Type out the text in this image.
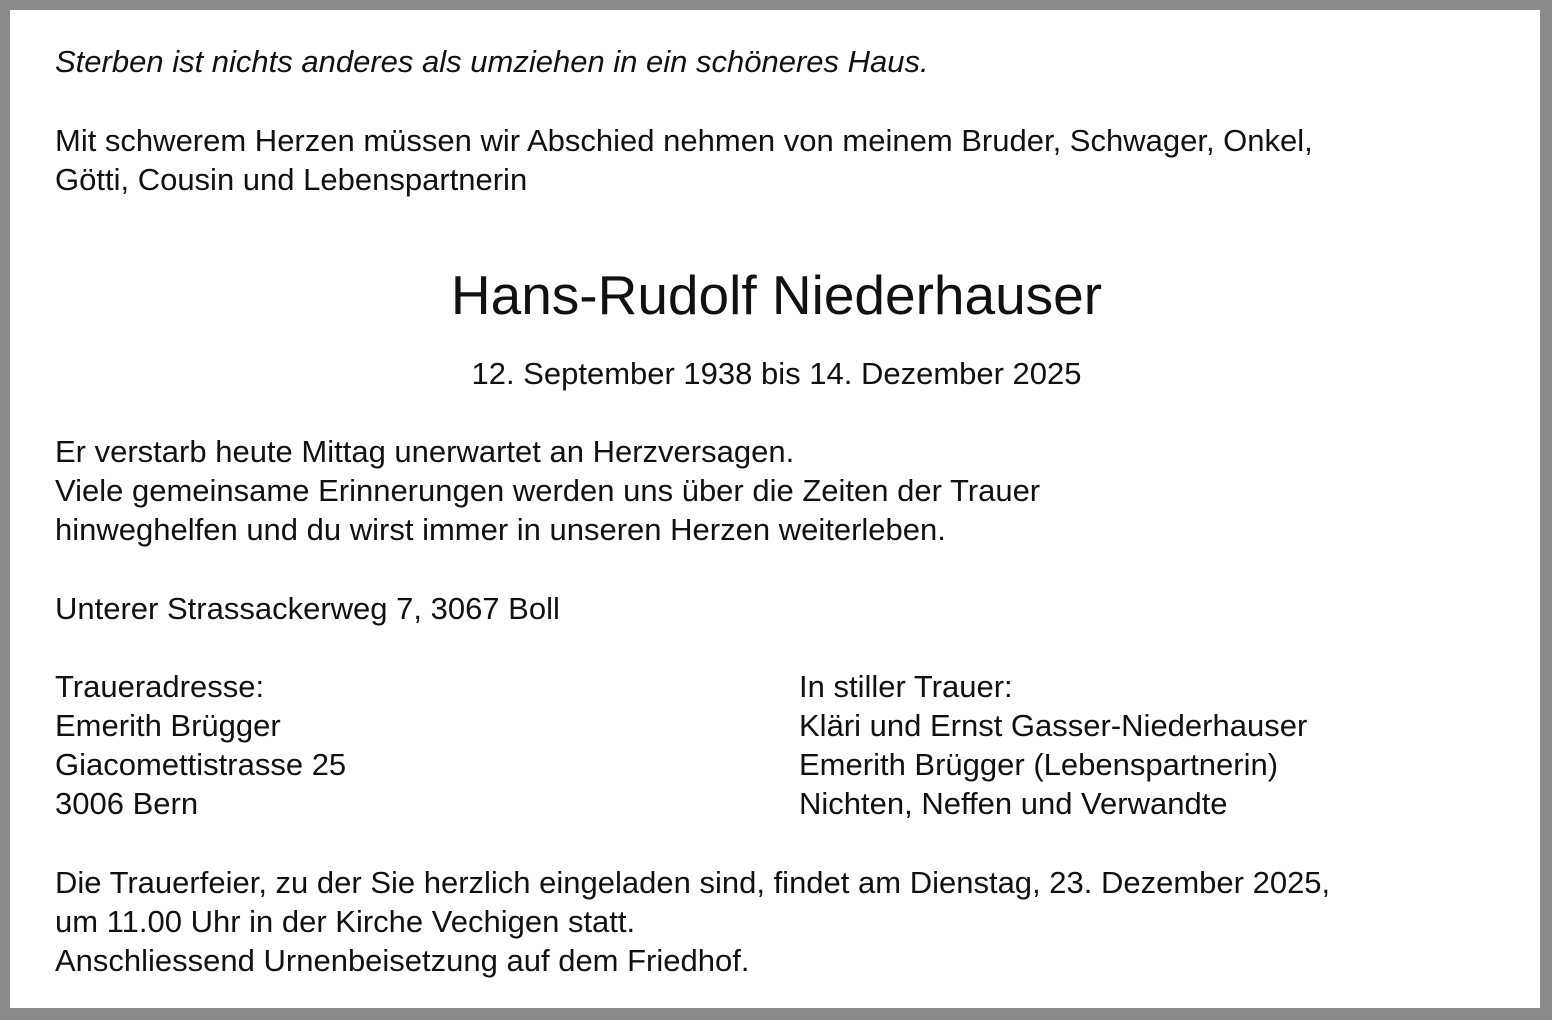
Sterben ist nichts anderes als umziehen in ein schöneres Haus.
Mit schwerem Herzen müssen wir Abschied nehmen von meinem Bruder, Schwager, Onkel,
Götti, Cousin und Lebenspartnerin
Hans-Rudolf Niederhauser
12. September 1938 bis 14. Dezember 2025
Er verstarb heute Mittag unerwartet an Herzversagen.
Viele gemeinsame Erinnerungen werden uns über die Zeiten der Trauer
hinweghelfen und du wirst immer in unseren Herzen weiterleben.
Unterer Strassackerweg 7, 3067 Boll
Traueradresse:
Emerith Brügger
Giacomettistrasse 25
3006 Bern
In stiller Trauer:
Kläri und Ernst Gasser-Niederhauser
Emerith Brügger (Lebenspartnerin)
Nichten, Neffen und Verwandte
Die Trauerfeier, zu der Sie herzlich eingeladen sind, findet am Dienstag, 23. Dezember 2025,
um 11.00 Uhr in der Kirche Vechigen statt.
Anschliessend Urnenbeisetzung auf dem Friedhof.
